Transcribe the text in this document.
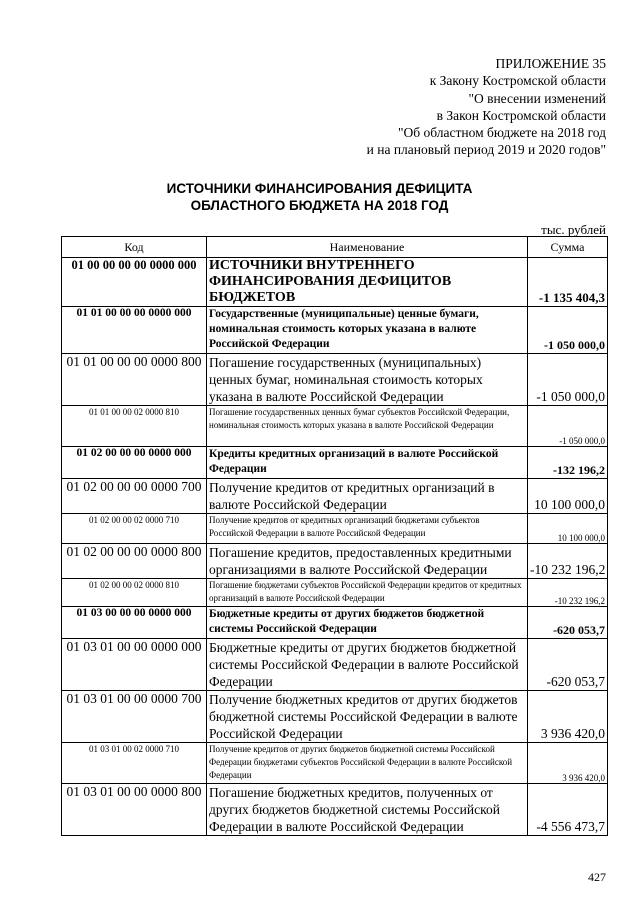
ПРИЛОЖЕНИЕ 35
к Закону Костромской области
"О внесении изменений
в Закон Костромской области
"Об областном бюджете на 2018 год
и на плановый период 2019 и 2020 годов"
ИСТОЧНИКИ ФИНАНСИРОВАНИЯ ДЕФИЦИТА
ОБЛАСТНОГО БЮДЖЕТА НА 2018 ГОД
тыс. рублей
Код	Наименование	Сумма
01 00 00 00 00 0000 000	ИСТОЧНИКИ ВНУТРЕННЕГО ФИНАНСИРОВАНИЯ ДЕФИЦИТОВ БЮДЖЕТОВ	-1 135 404,3
01 01 00 00 00 0000 000	Государственные (муниципальные) ценные бумаги, номинальная стоимость которых указана в валюте Российской Федерации	-1 050 000,0
01 01 00 00 00 0000 800	Погашение государственных (муниципальных) ценных бумаг, номинальная стоимость которых указана в валюте Российской Федерации	-1 050 000,0
01 01 00 00 02 0000 810	Погашение государственных ценных бумаг субъектов Российской Федерации, номинальная стоимость которых указана в валюте Российской Федерации	-1 050 000,0
01 02 00 00 00 0000 000	Кредиты кредитных организаций в валюте Российской Федерации	-132 196,2
01 02 00 00 00 0000 700	Получение кредитов от кредитных организаций в валюте Российской Федерации	10 100 000,0
01 02 00 00 02 0000 710	Получение кредитов от кредитных организаций бюджетами субъектов Российской Федерации в валюте Российской Федерации	10 100 000,0
01 02 00 00 00 0000 800	Погашение кредитов, предоставленных кредитными организациями в валюте Российской Федерации	-10 232 196,2
01 02 00 00 02 0000 810	Погашение бюджетами субъектов Российской Федерации кредитов от кредитных организаций в валюте Российской Федерации	-10 232 196,2
01 03 00 00 00 0000 000	Бюджетные кредиты от других бюджетов бюджетной системы Российской Федерации	-620 053,7
01 03 01 00 00 0000 000	Бюджетные кредиты от других бюджетов бюджетной системы Российской Федерации в валюте Российской Федерации	-620 053,7
01 03 01 00 00 0000 700	Получение бюджетных кредитов от других бюджетов бюджетной системы Российской Федерации в валюте Российской Федерации	3 936 420,0
01 03 01 00 02 0000 710	Получение кредитов от других бюджетов бюджетной системы Российской Федерации бюджетами субъектов Российской Федерации в валюте Российской Федерации	3 936 420,0
01 03 01 00 00 0000 800	Погашение бюджетных кредитов, полученных от других бюджетов бюджетной системы Российской Федерации в валюте Российской Федерации	-4 556 473,7
427
